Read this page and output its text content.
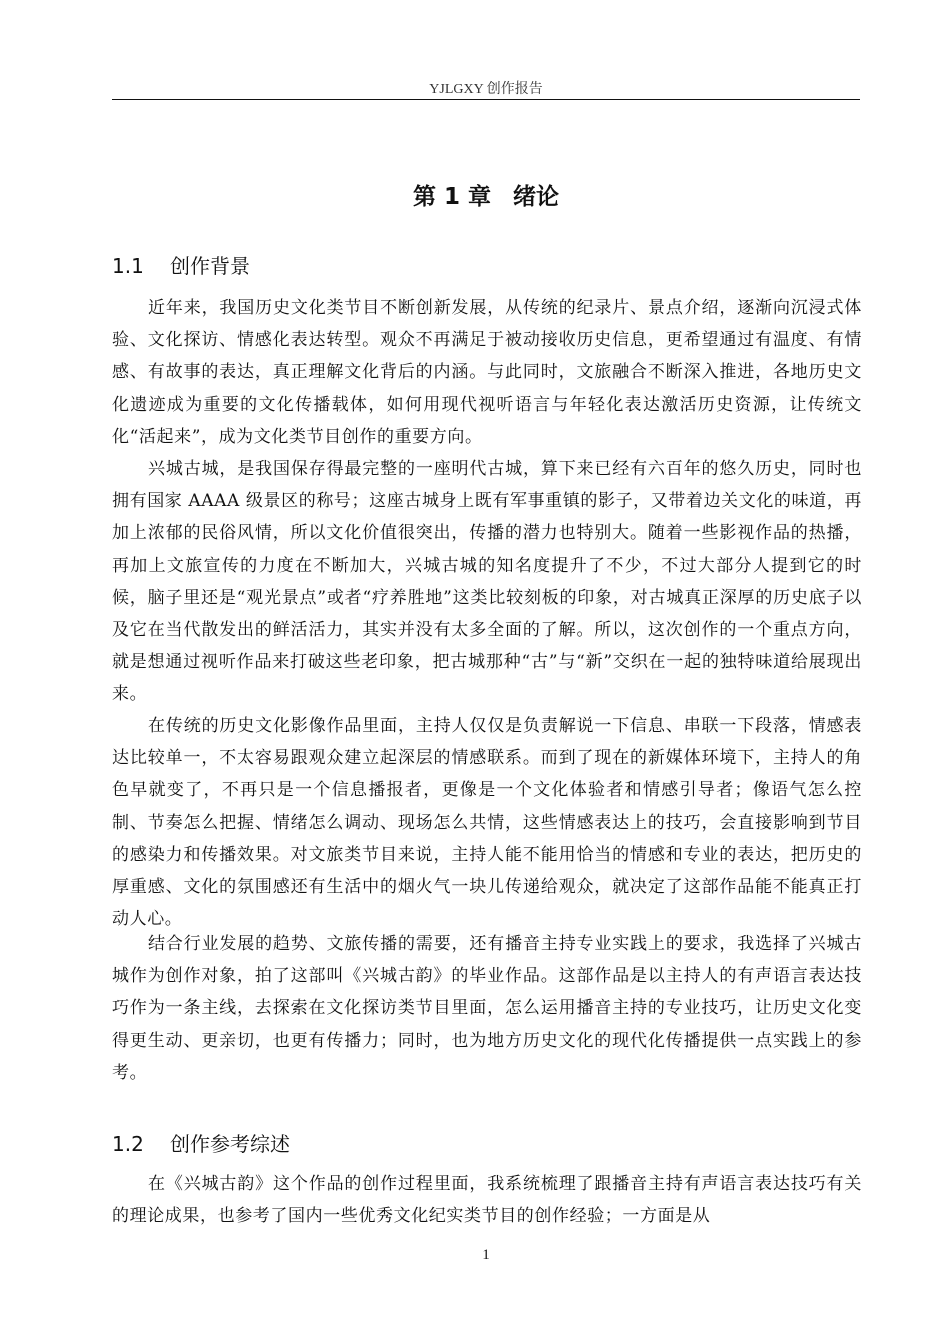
YJLGXY 创作报告
第 1 章 绪论
1.1 创作背景

近年来，我国历史文化类节目不断创新发展，从传统的纪录片、景点介绍，逐渐向沉浸式体验、文化探访、情感化表达转型。观众不再满足于被动接收历史信息，更希望通过有温度、有情感、有故事的表达，真正理解文化背后的内涵。与此同时，文旅融合不断深入推进，各地历史文化遗迹成为重要的文化传播载体，如何用现代视听语言与年轻化表达激活历史资源，让传统文化“活起来”，成为文化类节目创作的重要方向。

兴城古城，是我国保存得最完整的一座明代古城，算下来已经有六百年的悠久历史，同时也拥有国家 AAAA 级景区的称号；这座古城身上既有军事重镇的影子，又带着边关文化的味道，再加上浓郁的民俗风情，所以文化价值很突出，传播的潜力也特别大。随着一些影视作品的热播，再加上文旅宣传的力度在不断加大，兴城古城的知名度提升了不少，不过大部分人提到它的时候，脑子里还是“观光景点”或者“疗养胜地”这类比较刻板的印象，对古城真正深厚的历史底子以及它在当代散发出的鲜活活力，其实并没有太多全面的了解。所以，这次创作的一个重点方向，就是想通过视听作品来打破这些老印象，把古城那种“古”与“新”交织在一起的独特味道给展现出来。

在传统的历史文化影像作品里面，主持人仅仅是负责解说一下信息、串联一下段落，情感表达比较单一，不太容易跟观众建立起深层的情感联系。而到了现在的新媒体环境下，主持人的角色早就变了，不再只是一个信息播报者，更像是一个文化体验者和情感引导者；像语气怎么控制、节奏怎么把握、情绪怎么调动、现场怎么共情，这些情感表达上的技巧，会直接影响到节目的感染力和传播效果。对文旅类节目来说，主持人能不能用恰当的情感和专业的表达，把历史的厚重感、文化的氛围感还有生活中的烟火气一块儿传递给观众，就决定了这部作品能不能真正打动人心。

结合行业发展的趋势、文旅传播的需要，还有播音主持专业实践上的要求，我选择了兴城古城作为创作对象，拍了这部叫《兴城古韵》的毕业作品。这部作品是以主持人的有声语言表达技巧作为一条主线，去探索在文化探访类节目里面，怎么运用播音主持的专业技巧，让历史文化变得更生动、更亲切，也更有传播力；同时，也为地方历史文化的现代化传播提供一点实践上的参考。

1.2 创作参考综述

在《兴城古韵》这个作品的创作过程里面，我系统梳理了跟播音主持有声语言表达技巧有关的理论成果，也参考了国内一些优秀文化纪实类节目的创作经验；一方面是从

1
